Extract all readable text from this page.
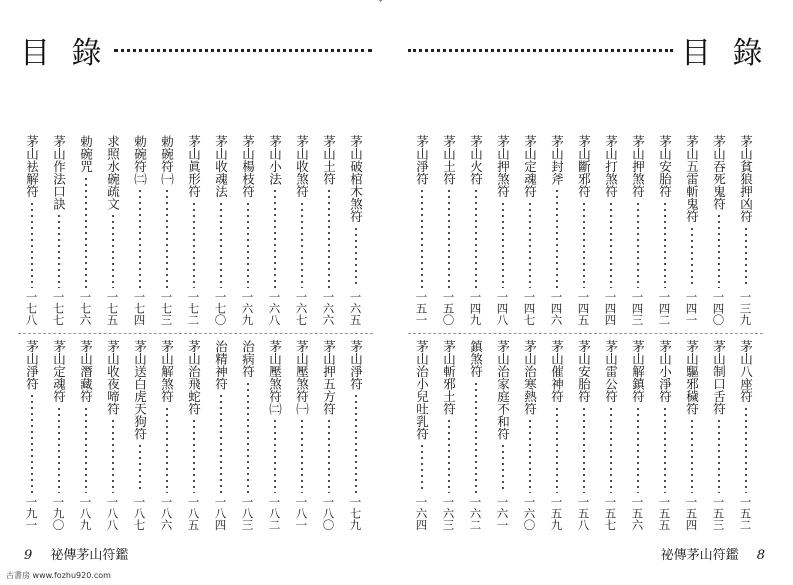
ˇ
目 錄
茅山破棺木煞符
一六五
茅山土符
一六六
茅山收煞符
一六七
茅山小法
一六八
茅山楊枝符
一六九
茅山收魂法
一七〇
茅山眞形符
一七二
勅碗符㈠
一七三
勅碗符㈡
一七四
求照水碗疏文
一七五
勅碗咒
一七六
茅山作法口訣
一七七
茅山袪解符
一七八
茅山淨符
一七九
茅山押五方符
一八〇
茅山壓煞符㈠
一八一
茅山壓煞符㈡
一八二
治病符
一八三
治精神符
一八四
茅山治飛蛇符
一八五
茅山解煞符
一八六
茅山送白虎天狗符
一八七
茅山收夜啼符
一八八
茅山潛藏符
一八九
茅山定魂符
一九〇
茅山淨符
一九一
9 祕傳茅山符鑑
目 錄
茅山貧狼押凶符
一三九
茅山吞死鬼符
一四〇
茅山五雷斬鬼符
一四一
茅山安胎符
一四二
茅山押煞符
一四三
茅山打煞符
一四四
茅山斷邪符
一四五
茅山封斧
一四六
茅山定魂符
一四七
茅山押煞符
一四八
茅山火符
一四九
茅山土符
一五〇
茅山淨符
一五一
茅山八座符
一五二
茅山制口舌符
一五三
茅山驅邪穢符
一五四
茅山小淨符
一五五
茅山解鎮符
一五六
茅山雷公符
一五七
茅山安胎符
一五八
茅山催神符
一五九
茅山治寒熱符
一六〇
茅山治家庭不和符
一六一
鎮煞符
一六二
茅山斬邪土符
一六三
茅山治小兒吐乳符
一六四
祕傳茅山符鑑 8
古書房 www.fozhu920.com
